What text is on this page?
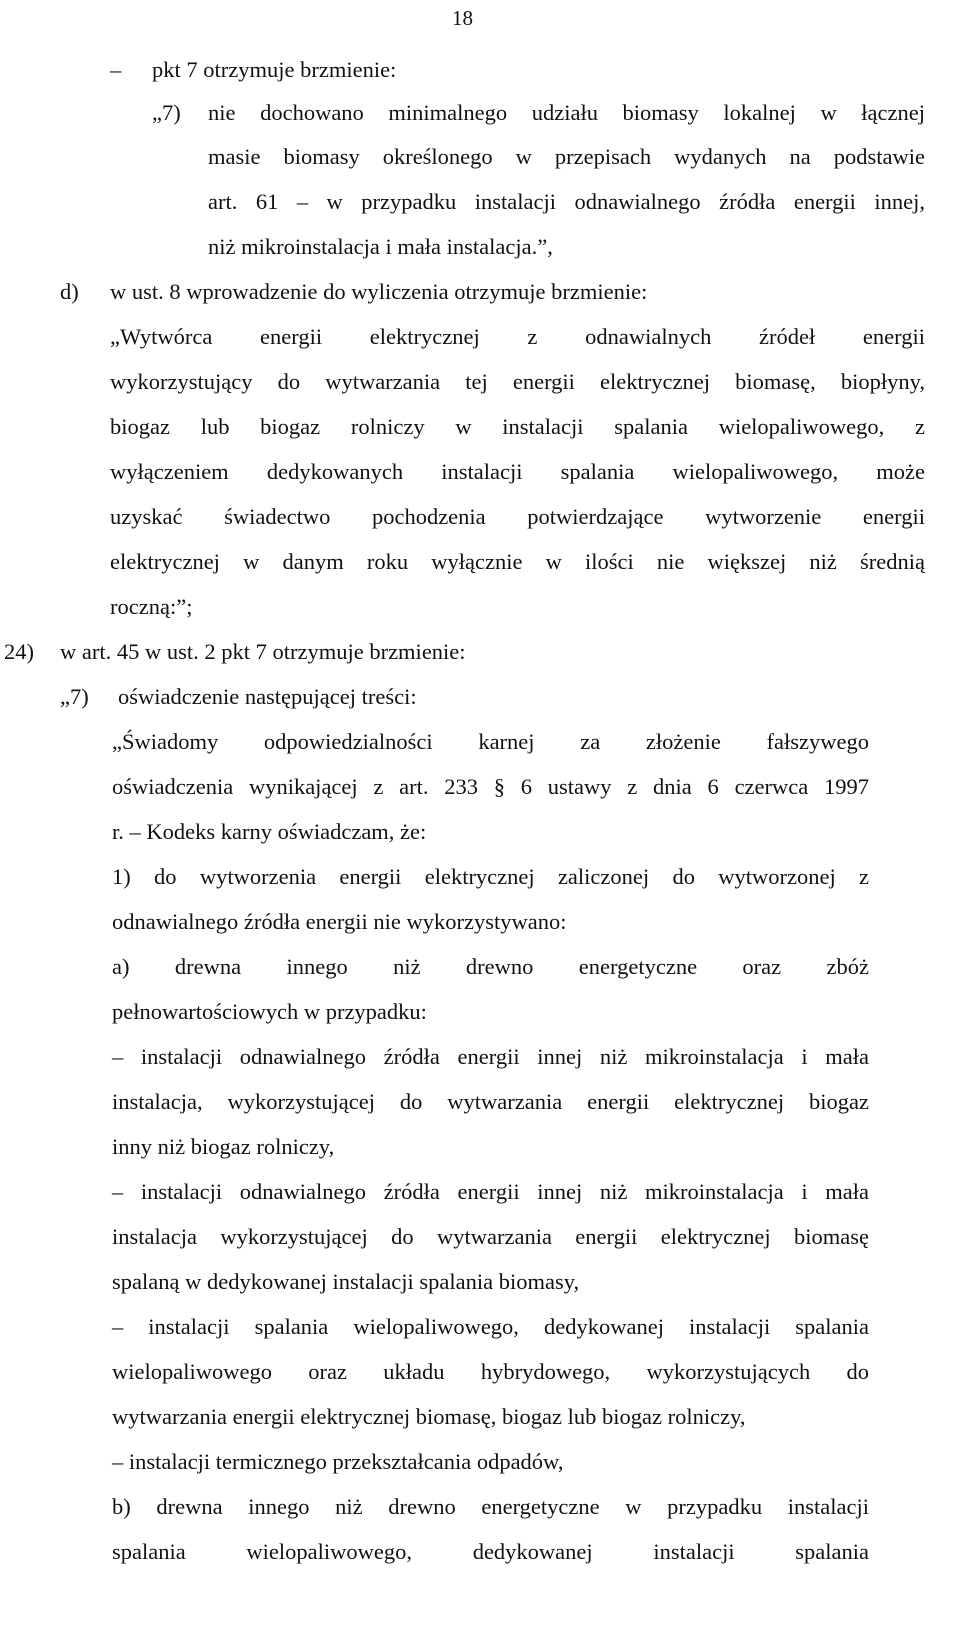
18
– pkt 7 otrzymuje brzmienie:
„7) nie dochowano minimalnego udziału biomasy lokalnej w łącznej
masie biomasy określonego w przepisach wydanych na podstawie
art. 61 – w przypadku instalacji odnawialnego źródła energii innej,
niż mikroinstalacja i mała instalacja.”,
d) w ust. 8 wprowadzenie do wyliczenia otrzymuje brzmienie:
„Wytwórca energii elektrycznej z odnawialnych źródeł energii
wykorzystujący do wytwarzania tej energii elektrycznej biomasę, biopłyny,
biogaz lub biogaz rolniczy w instalacji spalania wielopaliwowego, z
wyłączeniem dedykowanych instalacji spalania wielopaliwowego, może
uzyskać świadectwo pochodzenia potwierdzające wytworzenie energii
elektrycznej w danym roku wyłącznie w ilości nie większej niż średnią
roczną:”;
24) w art. 45 w ust. 2 pkt 7 otrzymuje brzmienie:
„7) oświadczenie następującej treści:
„Świadomy odpowiedzialności karnej za złożenie fałszywego
oświadczenia wynikającej z art. 233 § 6 ustawy z dnia 6 czerwca 1997
r. – Kodeks karny oświadczam, że:
1) do wytworzenia energii elektrycznej zaliczonej do wytworzonej z
odnawialnego źródła energii nie wykorzystywano:
a) drewna innego niż drewno energetyczne oraz zbóż
pełnowartościowych w przypadku:
– instalacji odnawialnego źródła energii innej niż mikroinstalacja i mała
instalacja, wykorzystującej do wytwarzania energii elektrycznej biogaz
inny niż biogaz rolniczy,
– instalacji odnawialnego źródła energii innej niż mikroinstalacja i mała
instalacja wykorzystującej do wytwarzania energii elektrycznej biomasę
spalaną w dedykowanej instalacji spalania biomasy,
– instalacji spalania wielopaliwowego, dedykowanej instalacji spalania
wielopaliwowego oraz układu hybrydowego, wykorzystujących do
wytwarzania energii elektrycznej biomasę, biogaz lub biogaz rolniczy,
– instalacji termicznego przekształcania odpadów,
b) drewna innego niż drewno energetyczne w przypadku instalacji
spalania wielopaliwowego, dedykowanej instalacji spalania
